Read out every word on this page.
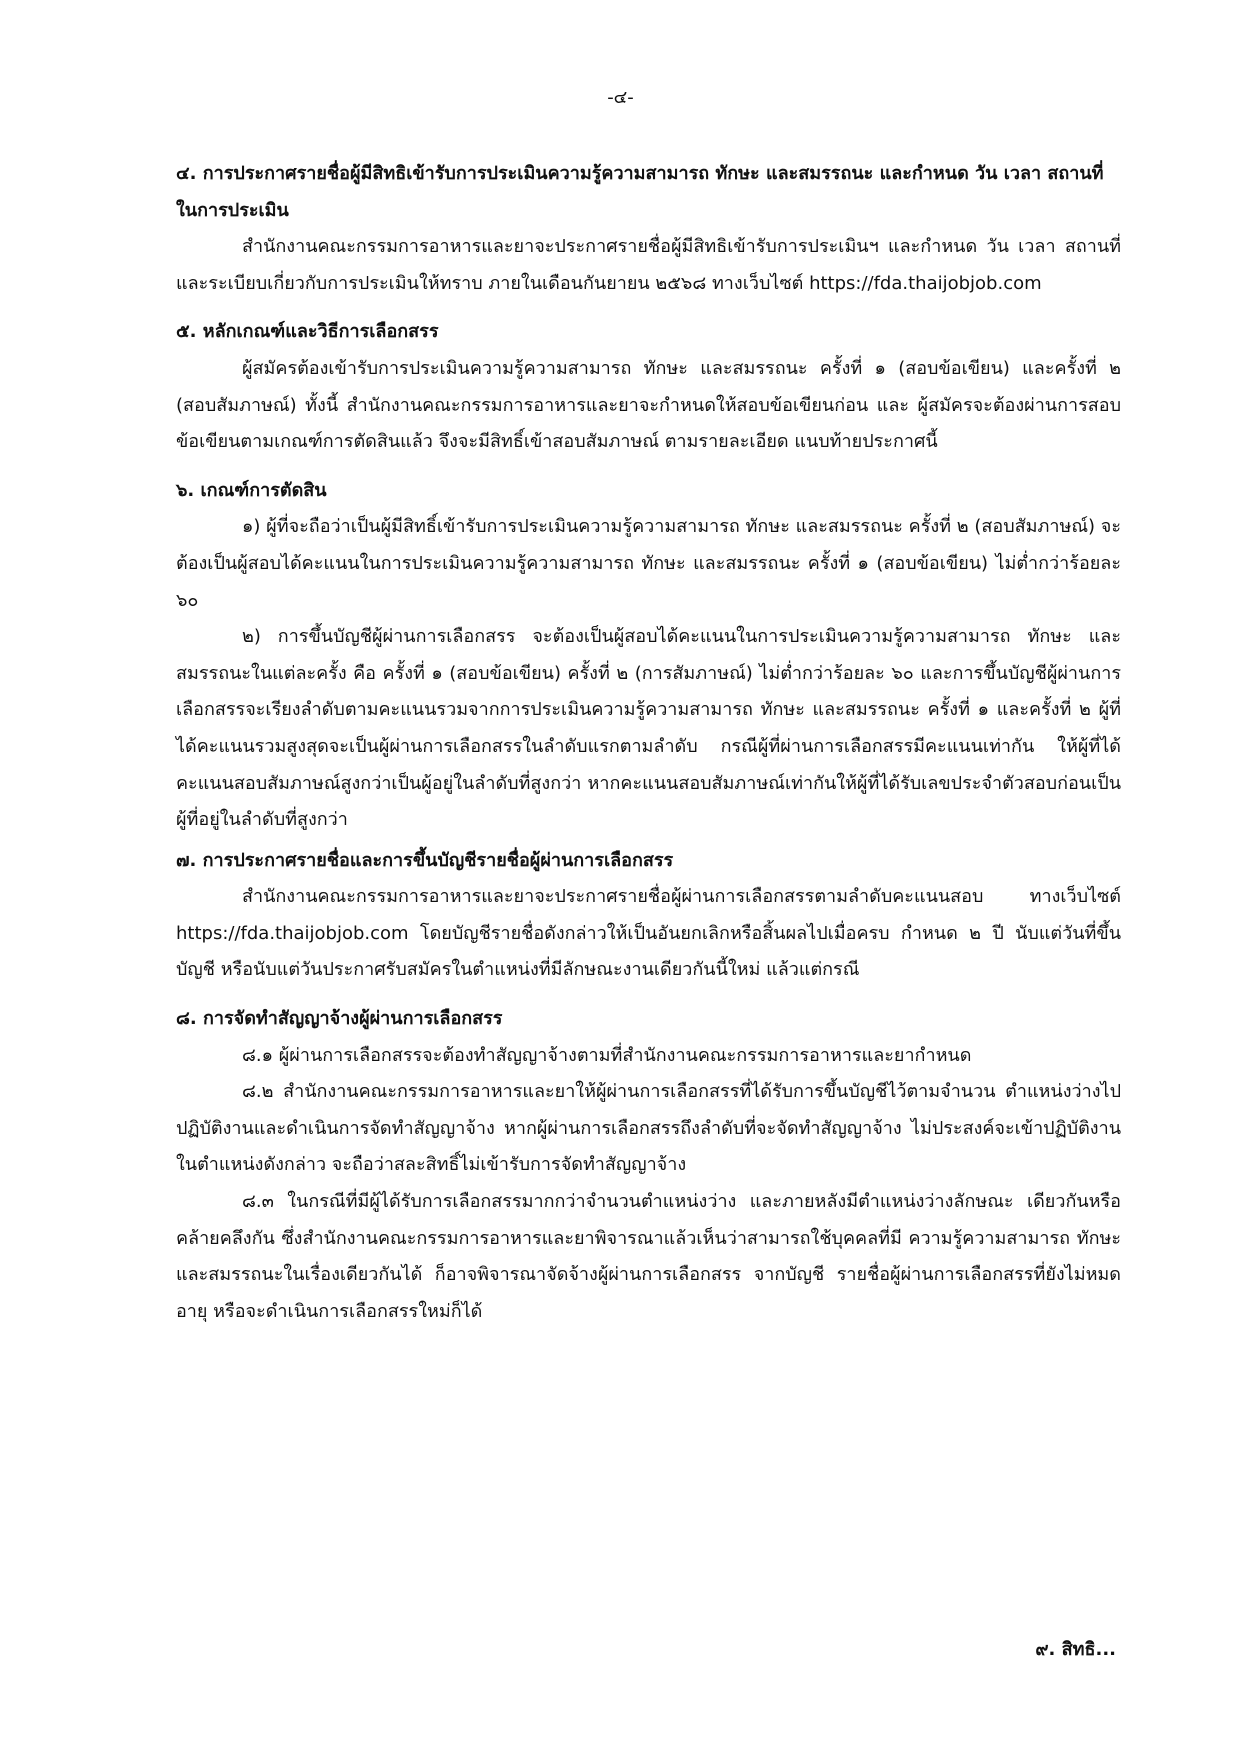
-๔-

๔. การประกาศรายชื่อผู้มีสิทธิเข้ารับการประเมินความรู้ความสามารถ ทักษะ และสมรรถนะ และกำหนด วัน เวลา สถานที่ในการประเมิน

สำนักงานคณะกรรมการอาหารและยาจะประกาศรายชื่อผู้มีสิทธิเข้ารับการประเมินฯ และกำหนด วัน เวลา สถานที่ และระเบียบเกี่ยวกับการประเมินให้ทราบ ภายในเดือนกันยายน ๒๕๖๘ ทางเว็บไซต์ https://fda.thaijobjob.com

๕. หลักเกณฑ์และวิธีการเลือกสรร

ผู้สมัครต้องเข้ารับการประเมินความรู้ความสามารถ ทักษะ และสมรรถนะ ครั้งที่ ๑ (สอบข้อเขียน) และครั้งที่ ๒ (สอบสัมภาษณ์) ทั้งนี้ สำนักงานคณะกรรมการอาหารและยาจะกำหนดให้สอบข้อเขียนก่อน และ ผู้สมัครจะต้องผ่านการสอบข้อเขียนตามเกณฑ์การตัดสินแล้ว จึงจะมีสิทธิ์เข้าสอบสัมภาษณ์ ตามรายละเอียด แนบท้ายประกาศนี้

๖. เกณฑ์การตัดสิน

๑) ผู้ที่จะถือว่าเป็นผู้มีสิทธิ์เข้ารับการประเมินความรู้ความสามารถ ทักษะ และสมรรถนะ ครั้งที่ ๒ (สอบสัมภาษณ์) จะต้องเป็นผู้สอบได้คะแนนในการประเมินความรู้ความสามารถ ทักษะ และสมรรถนะ ครั้งที่ ๑ (สอบข้อเขียน) ไม่ต่ำกว่าร้อยละ ๖๐

๒) การขึ้นบัญชีผู้ผ่านการเลือกสรร จะต้องเป็นผู้สอบได้คะแนนในการประเมินความรู้ความสามารถ ทักษะ และสมรรถนะในแต่ละครั้ง คือ ครั้งที่ ๑ (สอบข้อเขียน) ครั้งที่ ๒ (การสัมภาษณ์) ไม่ต่ำกว่าร้อยละ ๖๐ และการขึ้นบัญชีผู้ผ่านการเลือกสรรจะเรียงลำดับตามคะแนนรวมจากการประเมินความรู้ความสามารถ ทักษะ และสมรรถนะ ครั้งที่ ๑ และครั้งที่ ๒ ผู้ที่ได้คะแนนรวมสูงสุดจะเป็นผู้ผ่านการเลือกสรรในลำดับแรกตามลำดับ กรณีผู้ที่ผ่านการเลือกสรรมีคะแนนเท่ากัน ให้ผู้ที่ได้คะแนนสอบสัมภาษณ์สูงกว่าเป็นผู้อยู่ในลำดับที่สูงกว่า หากคะแนนสอบสัมภาษณ์เท่ากันให้ผู้ที่ได้รับเลขประจำตัวสอบก่อนเป็นผู้ที่อยู่ในลำดับที่สูงกว่า

๗. การประกาศรายชื่อและการขึ้นบัญชีรายชื่อผู้ผ่านการเลือกสรร

สำนักงานคณะกรรมการอาหารและยาจะประกาศรายชื่อผู้ผ่านการเลือกสรรตามลำดับคะแนนสอบ ทางเว็บไซต์ https://fda.thaijobjob.com โดยบัญชีรายชื่อดังกล่าวให้เป็นอันยกเลิกหรือสิ้นผลไปเมื่อครบ กำหนด ๒ ปี นับแต่วันที่ขึ้นบัญชี หรือนับแต่วันประกาศรับสมัครในตำแหน่งที่มีลักษณะงานเดียวกันนี้ใหม่ แล้วแต่กรณี

๘. การจัดทำสัญญาจ้างผู้ผ่านการเลือกสรร

๘.๑ ผู้ผ่านการเลือกสรรจะต้องทำสัญญาจ้างตามที่สำนักงานคณะกรรมการอาหารและยากำหนด

๘.๒ สำนักงานคณะกรรมการอาหารและยาให้ผู้ผ่านการเลือกสรรที่ได้รับการขึ้นบัญชีไว้ตามจำนวน ตำแหน่งว่างไปปฏิบัติงานและดำเนินการจัดทำสัญญาจ้าง หากผู้ผ่านการเลือกสรรถึงลำดับที่จะจัดทำสัญญาจ้าง ไม่ประสงค์จะเข้าปฏิบัติงานในตำแหน่งดังกล่าว จะถือว่าสละสิทธิ์ไม่เข้ารับการจัดทำสัญญาจ้าง

๘.๓ ในกรณีที่มีผู้ได้รับการเลือกสรรมากกว่าจำนวนตำแหน่งว่าง และภายหลังมีตำแหน่งว่างลักษณะ เดียวกันหรือคล้ายคลึงกัน ซึ่งสำนักงานคณะกรรมการอาหารและยาพิจารณาแล้วเห็นว่าสามารถใช้บุคคลที่มี ความรู้ความสามารถ ทักษะ และสมรรถนะในเรื่องเดียวกันได้ ก็อาจพิจารณาจัดจ้างผู้ผ่านการเลือกสรร จากบัญชี รายชื่อผู้ผ่านการเลือกสรรที่ยังไม่หมดอายุ หรือจะดำเนินการเลือกสรรใหม่ก็ได้

๙. สิทธิ...
